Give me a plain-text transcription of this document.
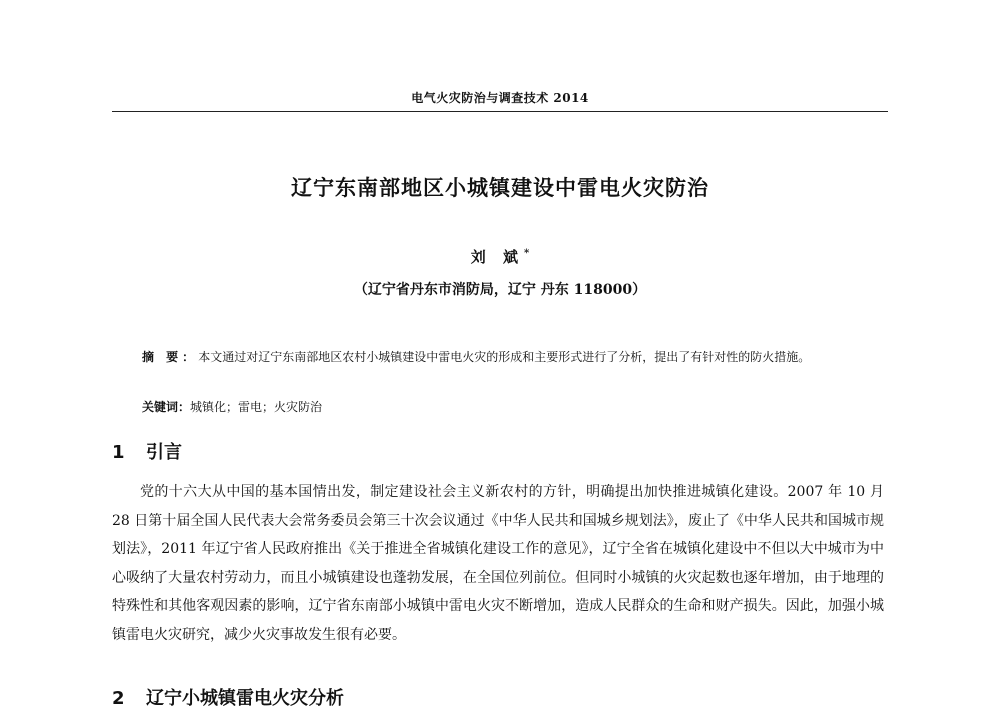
电气火灾防治与调查技术 2014
辽宁东南部地区小城镇建设中雷电火灾防治
刘 斌*
（辽宁省丹东市消防局，辽宁 丹东 118000）
摘 要：本文通过对辽宁东南部地区农村小城镇建设中雷电火灾的形成和主要形式进行了分析，提出了有针对性的防火措施。
关键词：城镇化；雷电；火灾防治
1 引言
党的十六大从中国的基本国情出发，制定建设社会主义新农村的方针，明确提出加快推进城镇化建设。2007 年 10 月 28 日第十届全国人民代表大会常务委员会第三十次会议通过《中华人民共和国城乡规划法》，废止了《中华人民共和国城市规划法》，2011 年辽宁省人民政府推出《关于推进全省城镇化建设工作的意见》，辽宁全省在城镇化建设中不但以大中城市为中心吸纳了大量农村劳动力，而且小城镇建设也蓬勃发展，在全国位列前位。但同时小城镇的火灾起数也逐年增加，由于地理的特殊性和其他客观因素的影响，辽宁省东南部小城镇中雷电火灾不断增加，造成人民群众的生命和财产损失。因此，加强小城镇雷电火灾研究，减少火灾事故发生很有必要。
2 辽宁小城镇雷电火灾分析
